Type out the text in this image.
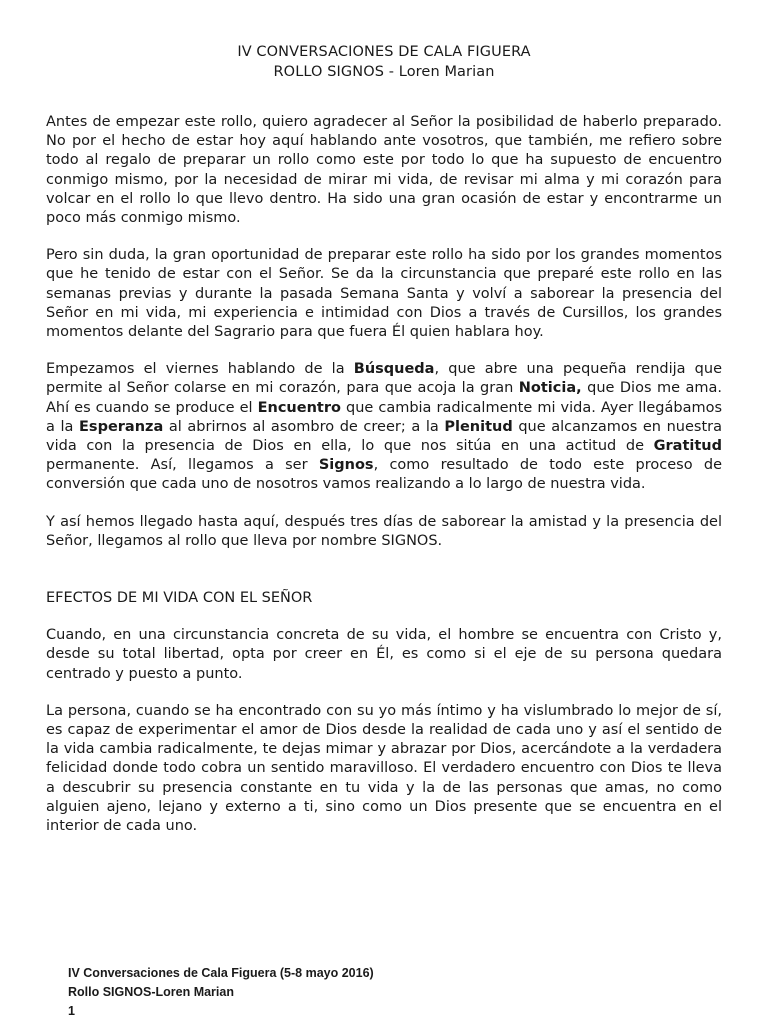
IV CONVERSACIONES DE CALA FIGUERA
ROLLO SIGNOS - Loren Marian

Antes de empezar este rollo, quiero agradecer al Señor la posibilidad de haberlo preparado. No por el hecho de estar hoy aquí hablando ante vosotros, que también, me refiero sobre todo al regalo de preparar un rollo como este por todo lo que ha supuesto de encuentro conmigo mismo, por la necesidad de mirar mi vida, de revisar mi alma y mi corazón para volcar en el rollo lo que llevo dentro. Ha sido una gran ocasión de estar y encontrarme un poco más conmigo mismo.

Pero sin duda, la gran oportunidad de preparar este rollo ha sido por los grandes momentos que he tenido de estar con el Señor. Se da la circunstancia que preparé este rollo en las semanas previas y durante la pasada Semana Santa y volví a saborear la presencia del Señor en mi vida, mi experiencia e intimidad con Dios a través de Cursillos, los grandes momentos delante del Sagrario para que fuera Él quien hablara hoy.

Empezamos el viernes hablando de la Búsqueda, que abre una pequeña rendija que permite al Señor colarse en mi corazón, para que acoja la gran Noticia, que Dios me ama. Ahí es cuando se produce el Encuentro que cambia radicalmente mi vida. Ayer llegábamos a la Esperanza al abrirnos al asombro de creer; a la Plenitud que alcanzamos en nuestra vida con la presencia de Dios en ella, lo que nos sitúa en una actitud de Gratitud permanente. Así, llegamos a ser Signos, como resultado de todo este proceso de conversión que cada uno de nosotros vamos realizando a lo largo de nuestra vida.

Y así hemos llegado hasta aquí, después tres días de saborear la amistad y la presencia del Señor, llegamos al rollo que lleva por nombre SIGNOS.

EFECTOS DE MI VIDA CON EL SEÑOR

Cuando, en una circunstancia concreta de su vida, el hombre se encuentra con Cristo y, desde su total libertad, opta por creer en Él, es como si el eje de su persona quedara centrado y puesto a punto.

La persona, cuando se ha encontrado con su yo más íntimo y ha vislumbrado lo mejor de sí, es capaz de experimentar el amor de Dios desde la realidad de cada uno y así el sentido de la vida cambia radicalmente, te dejas mimar y abrazar por Dios, acercándote a la verdadera felicidad donde todo cobra un sentido maravilloso. El verdadero encuentro con Dios te lleva a descubrir su presencia constante en tu vida y la de las personas que amas, no como alguien ajeno, lejano y externo a ti, sino como un Dios presente que se encuentra en el interior de cada uno.

IV Conversaciones de Cala Figuera (5-8 mayo 2016)
Rollo SIGNOS-Loren Marian
1
